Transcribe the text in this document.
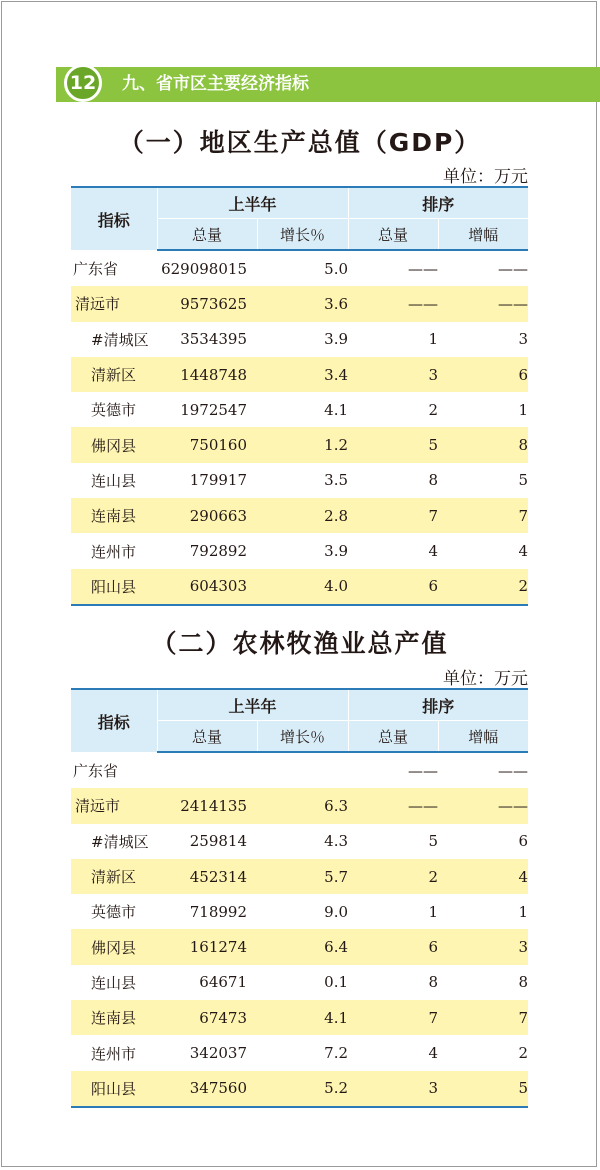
12	九、省市区主要经济指标
（一）地区生产总值（GDP）
单位：万元
指标	上半年		排序	
	总量	增长％	总量	增幅
广东省	629098015	5.0	——	——
清远市	9573625	3.6	——	——
#清城区	3534395	3.9	1	3
清新区	1448748	3.4	3	6
英德市	1972547	4.1	2	1
佛冈县	750160	1.2	5	8
连山县	179917	3.5	8	5
连南县	290663	2.8	7	7
连州市	792892	3.9	4	4
阳山县	604303	4.0	6	2
（二）农林牧渔业总产值
单位：万元
指标	上半年		排序	
	总量	增长％	总量	增幅
广东省			——	——
清远市	2414135	6.3	——	——
#清城区	259814	4.3	5	6
清新区	452314	5.7	2	4
英德市	718992	9.0	1	1
佛冈县	161274	6.4	6	3
连山县	64671	0.1	8	8
连南县	67473	4.1	7	7
连州市	342037	7.2	4	2
阳山县	347560	5.2	3	5
